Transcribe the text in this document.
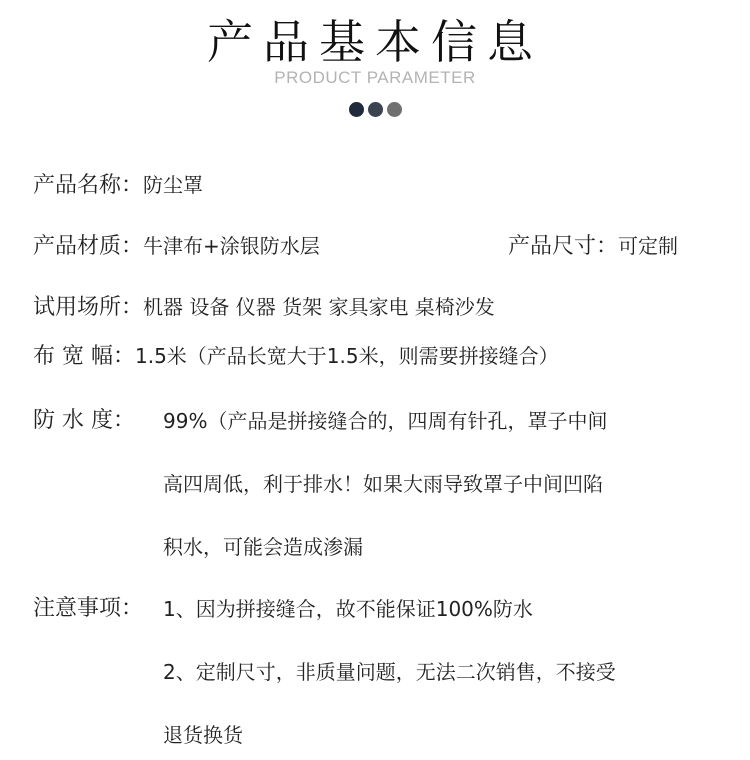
产品基本信息
PRODUCT PARAMETER

产品名称：防尘罩
产品材质：牛津布+涂银防水层	产品尺寸：可定制
试用场所：机器 设备 仪器 货架 家具家电 桌椅沙发
布 宽 幅：1.5米（产品长宽大于1.5米，则需要拼接缝合）
防 水 度： 99%（产品是拼接缝合的，四周有针孔，罩子中间
高四周低，利于排水！如果大雨导致罩子中间凹陷
积水，可能会造成渗漏
注意事项： 1、因为拼接缝合，故不能保证100%防水
2、定制尺寸，非质量问题，无法二次销售，不接受
退货换货
